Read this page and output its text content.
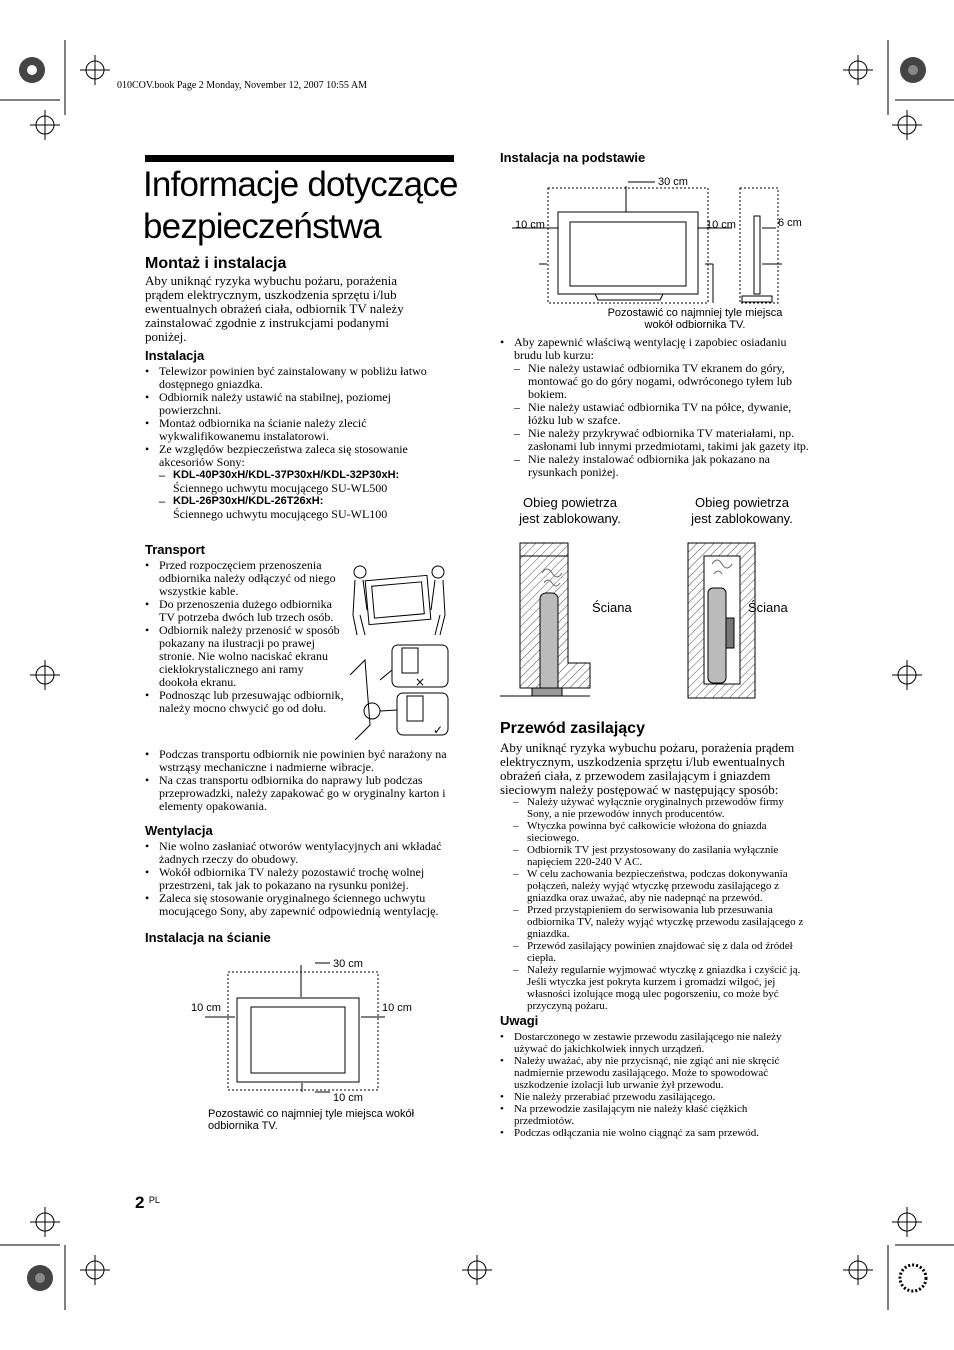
010COV.book Page 2 Monday, November 12, 2007 10:55 AM
Informacje dotyczące
bezpieczeństwa
Montaż i instalacja
Aby uniknąć ryzyka wybuchu pożaru, porażenia prądem elektrycznym, uszkodzenia sprzętu i/lub ewentualnych obrażeń ciała, odbiornik TV należy zainstalować zgodnie z instrukcjami podanymi poniżej.
Instalacja
• Telewizor powinien być zainstalowany w pobliżu łatwo dostępnego gniazdka.
• Odbiornik należy ustawić na stabilnej, poziomej powierzchni.
• Montaż odbiornika na ścianie należy zlecić wykwalifikowanemu instalatorowi.
• Ze względów bezpieczeństwa zaleca się stosowanie akcesoriów Sony:
– KDL-40P30xH/KDL-37P30xH/KDL-32P30xH:
Ściennego uchwytu mocującego SU-WL500
– KDL-26P30xH/KDL-26T26xH:
Ściennego uchwytu mocującego SU-WL100
Transport
• Przed rozpoczęciem przenoszenia odbiornika należy odłączyć od niego wszystkie kable.
• Do przenoszenia dużego odbiornika TV potrzeba dwóch lub trzech osób.
• Odbiornik należy przenosić w sposób pokazany na ilustracji po prawej stronie. Nie wolno naciskać ekranu ciekłokrystalicznego ani ramy dookoła ekranu.
• Podnosząc lub przesuwając odbiornik, należy mocno chwycić go od dołu.
• Podczas transportu odbiornik nie powinien być narażony na wstrząsy mechaniczne i nadmierne wibracje.
• Na czas transportu odbiornika do naprawy lub podczas przeprowadzki, należy zapakować go w oryginalny karton i elementy opakowania.
×
✓
Wentylacja
• Nie wolno zasłaniać otworów wentylacyjnych ani wkładać żadnych rzeczy do obudowy.
• Wokół odbiornika TV należy pozostawić trochę wolnej przestrzeni, tak jak to pokazano na rysunku poniżej.
• Zaleca się stosowanie oryginalnego ściennego uchwytu mocującego Sony, aby zapewnić odpowiednią wentylację.
Instalacja na ścianie
30 cm
10 cm	10 cm
10 cm
Pozostawić co najmniej tyle miejsca wokół odbiornika TV.
Instalacja na podstawie
30 cm
10 cm	10 cm	6 cm
Pozostawić co najmniej tyle miejsca
wokół odbiornika TV.
• Aby zapewnić właściwą wentylację i zapobiec osiadaniu brudu lub kurzu:
– Nie należy ustawiać odbiornika TV ekranem do góry, montować go do góry nogami, odwróconego tyłem lub bokiem.
– Nie należy ustawiać odbiornika TV na półce, dywanie, łóżku lub w szafce.
– Nie należy przykrywać odbiornika TV materiałami, np. zasłonami lub innymi przedmiotami, takimi jak gazety itp.
– Nie należy instalować odbiornika jak pokazano na rysunkach poniżej.
Obieg powietrza
jest zablokowany.
Obieg powietrza
jest zablokowany.
Ściana	Ściana
Przewód zasilający
Aby uniknąć ryzyka wybuchu pożaru, porażenia prądem elektrycznym, uszkodzenia sprzętu i/lub ewentualnych obrażeń ciała, z przewodem zasilającym i gniazdem sieciowym należy postępować w następujący sposób:
– Należy używać wyłącznie oryginalnych przewodów firmy Sony, a nie przewodów innych producentów.
– Wtyczka powinna być całkowicie włożona do gniazda sieciowego.
– Odbiornik TV jest przystosowany do zasilania wyłącznie napięciem 220-240 V AC.
– W celu zachowania bezpieczeństwa, podczas dokonywania połączeń, należy wyjąć wtyczkę przewodu zasilającego z gniazdka oraz uważać, aby nie nadepnąć na przewód.
– Przed przystąpieniem do serwisowania lub przesuwania odbiornika TV, należy wyjąć wtyczkę przewodu zasilającego z gniazdka.
– Przewód zasilający powinien znajdować się z dala od źródeł ciepła.
– Należy regularnie wyjmować wtyczkę z gniazdka i czyścić ją. Jeśli wtyczka jest pokryta kurzem i gromadzi wilgoć, jej własności izolujące mogą ulec pogorszeniu, co może być przyczyną pożaru.
Uwagi
• Dostarczonego w zestawie przewodu zasilającego nie należy używać do jakichkolwiek innych urządzeń.
• Należy uważać, aby nie przycisnąć, nie zgiąć ani nie skręcić nadmiernie przewodu zasilającego. Może to spowodować uszkodzenie izolacji lub urwanie żył przewodu.
• Nie należy przerabiać przewodu zasilającego.
• Na przewodzie zasilającym nie należy kłaść ciężkich przedmiotów.
• Podczas odłączania nie wolno ciągnąć za sam przewód.
2 $^{PL}$
